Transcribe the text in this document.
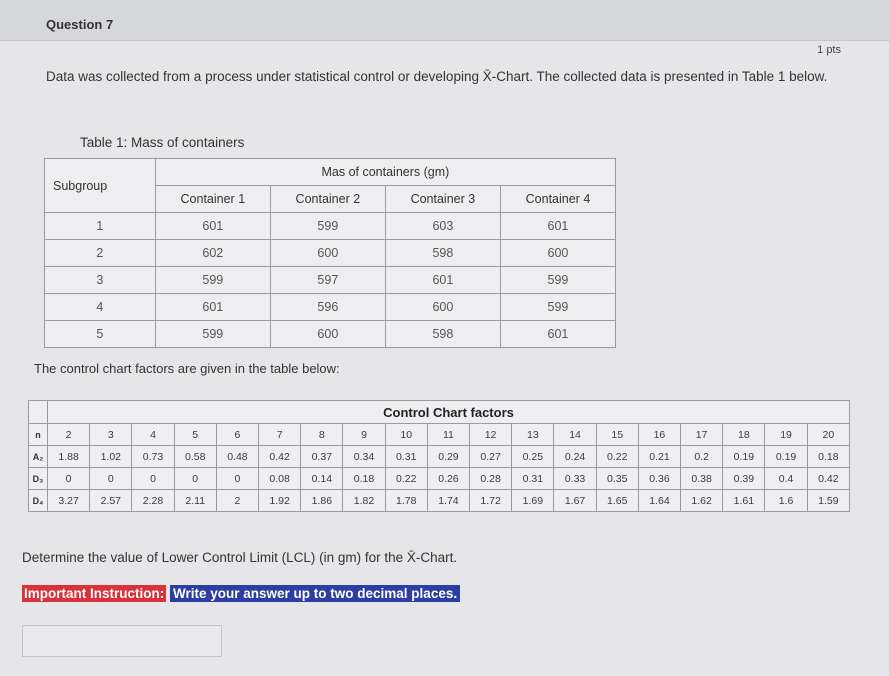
Question 7
1 pts
Data was collected from a process under statistical control or developing X̄-Chart. The collected data is presented in Table 1 below.
Table 1: Mass of containers
Subgroup	Mas of containers (gm)			
	Container 1	Container 2	Container 3	Container 4
1	601	599	603	601
2	602	600	598	600
3	599	597	601	599
4	601	596	600	599
5	599	600	598	601
The control chart factors are given in the table below:
	Control Chart factors																		
n	2	3	4	5	6	7	8	9	10	11	12	13	14	15	16	17	18	19	20
A₂	1.88	1.02	0.73	0.58	0.48	0.42	0.37	0.34	0.31	0.29	0.27	0.25	0.24	0.22	0.21	0.2	0.19	0.19	0.18
D₃	0	0	0	0	0	0.08	0.14	0.18	0.22	0.26	0.28	0.31	0.33	0.35	0.36	0.38	0.39	0.4	0.42
D₄	3.27	2.57	2.28	2.11	2	1.92	1.86	1.82	1.78	1.74	1.72	1.69	1.67	1.65	1.64	1.62	1.61	1.6	1.59
Determine the value of Lower Control Limit (LCL) (in gm) for the X̄-Chart.
Important Instruction: Write your answer up to two decimal places.
